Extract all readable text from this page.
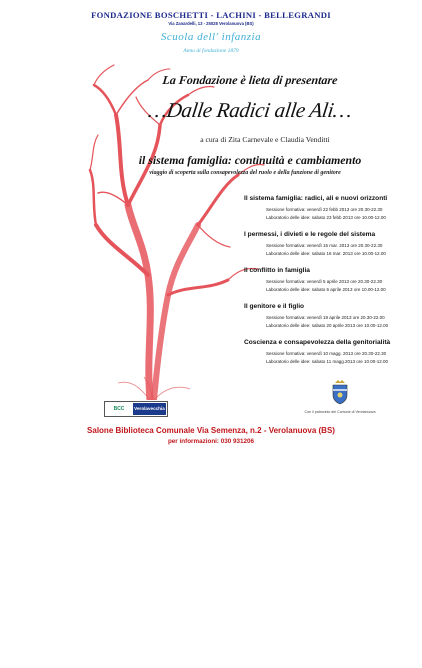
FONDAZIONE BOSCHETTI - LACHINI - BELLEGRANDI
Via Zanardelli, 13 - 25028 Verolanuova (BS)
Scuola dell' infanzia
Anno di fondazione 1879
La Fondazione è lieta di presentare
…Dalle Radici alle Ali…
a cura di Zita Carnevale e Claudia Venditti
il sistema famiglia: continuità e cambiamento
viaggio di scoperta sulla consapevolezza del ruolo e della funzione di genitore
Il sistema famiglia: radici, ali e nuovi orizzonti
Sessione formativa: venerdì 22 febb 2013 ore 20.30-22.30
Laboratorio delle idee: sabato 23 febb 2013 ore 10.00-12.00
I permessi, i divieti e le regole del sistema
Sessione formativa: venerdì 15 mar. 2013 ore 20.30-22.30
Laboratorio delle idee: sabato 16 mar. 2013 ore 10.00-12.00
Il conflitto in famiglia
Sessione formativa: venerdì 5 aprile 2013 ore 20.30-22.30
Laboratorio delle idee: sabato 6 aprile 2013 ore 10.00-12.00
Il genitore e il figlio
Sessione formativa: venerdì 19 aprile 2013 ore 20.30-22.00
Laboratorio delle idee: sabato 20 aprile 2013 ore 10.00-12.00
Coscienza e consapevolezza della genitorialità
Sessione formativa: venerdì 10 magg. 2013 ore 20.30-22.30
Laboratorio delle idee: sabato 11 magg.2013 ore 10.00-12.00
BCC	Verolavecchia
Con il patrocinio del Comune di Verolanuova
Salone Biblioteca Comunale Via Semenza, n.2 - Verolanuova (BS)
per informazioni: 030 931206
